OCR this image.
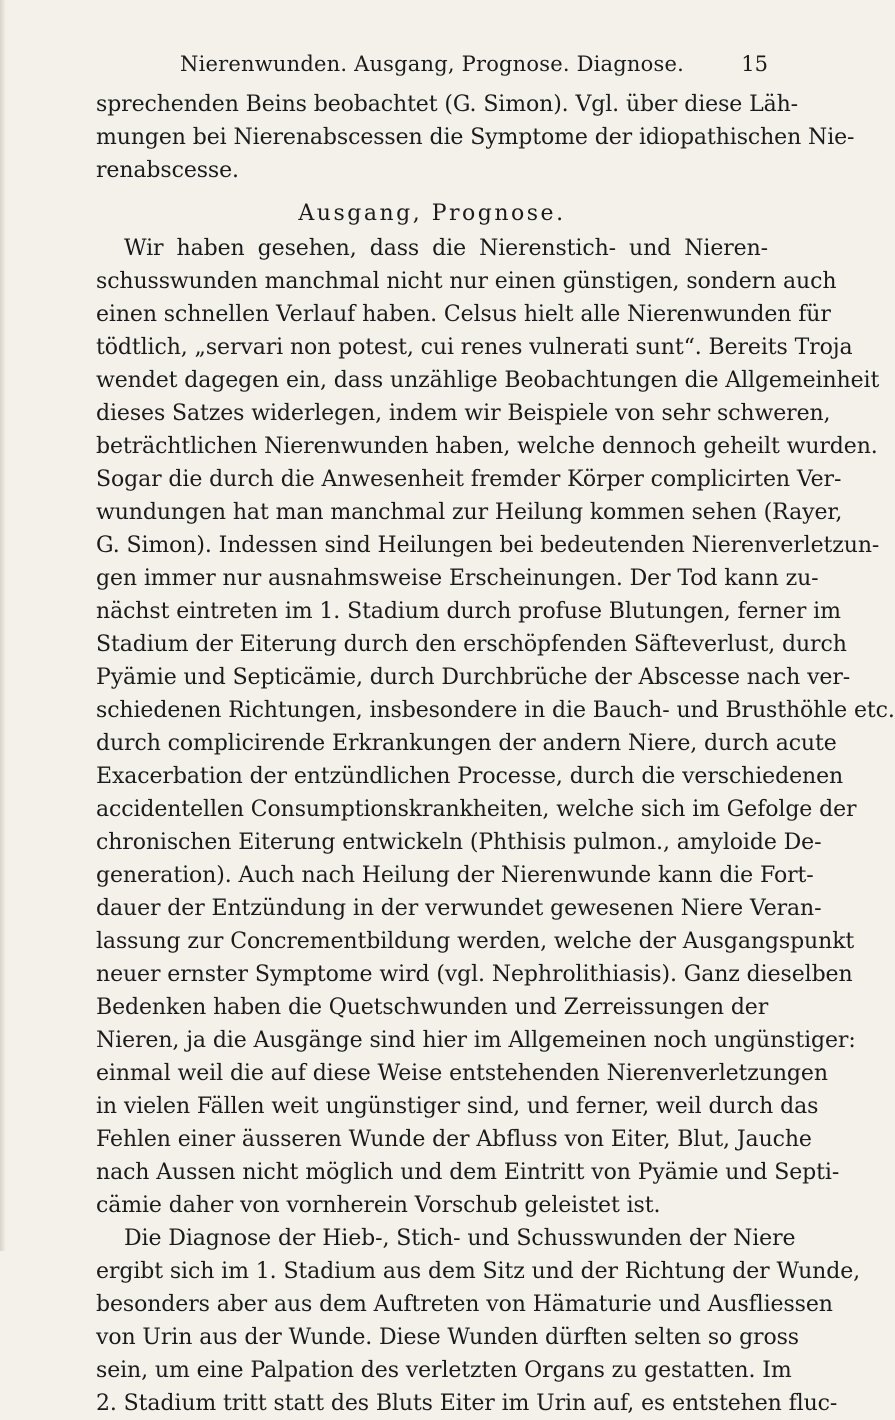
Nierenwunden. Ausgang, Prognose. Diagnose.	15
sprechenden Beins beobachtet (G. Simon). Vgl. über diese Läh-
mungen bei Nierenabscessen die Symptome der idiopathischen Nie-
renabscesse.
Ausgang, Prognose.
Wir haben gesehen, dass die Nierenstich- und Nieren-
schusswunden manchmal nicht nur einen günstigen, sondern auch
einen schnellen Verlauf haben. Celsus hielt alle Nierenwunden für
tödtlich, „servari non potest, cui renes vulnerati sunt“. Bereits Troja
wendet dagegen ein, dass unzählige Beobachtungen die Allgemeinheit
dieses Satzes widerlegen, indem wir Beispiele von sehr schweren,
beträchtlichen Nierenwunden haben, welche dennoch geheilt wurden.
Sogar die durch die Anwesenheit fremder Körper complicirten Ver-
wundungen hat man manchmal zur Heilung kommen sehen (Rayer,
G. Simon). Indessen sind Heilungen bei bedeutenden Nierenverletzun-
gen immer nur ausnahmsweise Erscheinungen. Der Tod kann zu-
nächst eintreten im 1. Stadium durch profuse Blutungen, ferner im
Stadium der Eiterung durch den erschöpfenden Säfteverlust, durch
Pyämie und Septicämie, durch Durchbrüche der Abscesse nach ver-
schiedenen Richtungen, insbesondere in die Bauch- und Brusthöhle etc.
durch complicirende Erkrankungen der andern Niere, durch acute
Exacerbation der entzündlichen Processe, durch die verschiedenen
accidentellen Consumptionskrankheiten, welche sich im Gefolge der
chronischen Eiterung entwickeln (Phthisis pulmon., amyloide De-
generation). Auch nach Heilung der Nierenwunde kann die Fort-
dauer der Entzündung in der verwundet gewesenen Niere Veran-
lassung zur Concrementbildung werden, welche der Ausgangspunkt
neuer ernster Symptome wird (vgl. Nephrolithiasis). Ganz dieselben
Bedenken haben die Quetschwunden und Zerreissungen der
Nieren, ja die Ausgänge sind hier im Allgemeinen noch ungünstiger:
einmal weil die auf diese Weise entstehenden Nierenverletzungen
in vielen Fällen weit ungünstiger sind, und ferner, weil durch das
Fehlen einer äusseren Wunde der Abfluss von Eiter, Blut, Jauche
nach Aussen nicht möglich und dem Eintritt von Pyämie und Septi-
cämie daher von vornherein Vorschub geleistet ist.
Die Diagnose der Hieb-, Stich- und Schusswunden der Niere
ergibt sich im 1. Stadium aus dem Sitz und der Richtung der Wunde,
besonders aber aus dem Auftreten von Hämaturie und Ausfliessen
von Urin aus der Wunde. Diese Wunden dürften selten so gross
sein, um eine Palpation des verletzten Organs zu gestatten. Im
2. Stadium tritt statt des Bluts Eiter im Urin auf, es entstehen fluc-
